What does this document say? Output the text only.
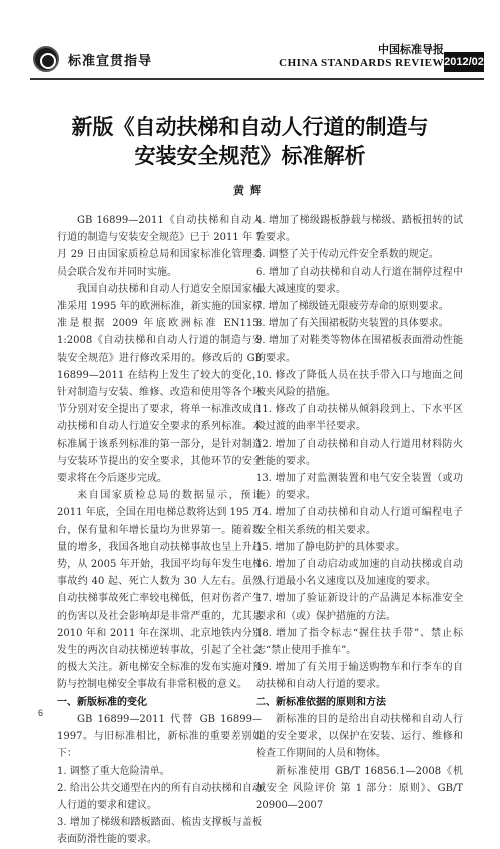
标准宣贯指导
中国标准导报
CHINA STANDARDS REVIEW 2012/02
新版《自动扶梯和自动人行道的制造与
安装安全规范》标准解析
黄辉

GB 16899—2011《自动扶梯和自动人行道的制造与安装安全规范》已于 2011 年 7 月 29 日由国家质检总局和国家标准化管理委员会联合发布并同时实施。

我国自动扶梯和自动人行道安全原国家标准采用 1995 年的欧洲标准，新实施的国家标准是根据 2009 年底欧洲标准 EN115-1:2008《自动扶梯和自动人行道的制造与安装安全规范》进行修改采用的。修改后的 GB 16899—2011 在结构上发生了较大的变化，针对制造与安装、维修、改造和使用等各个环节分别对安全提出了要求，将单一标准改成自动扶梯和自动人行道安全要求的系列标准。本标准属于该系列标准的第一部分，是针对制造与安装环节提出的安全要求，其他环节的安全要求将在今后逐步完成。

来自国家质检总局的数据显示，预计 2011 年底，全国在用电梯总数将达到 195 万台，保有量和年增长量均为世界第一。随着数量的增多，我国各地自动扶梯事故也呈上升趋势，从 2005 年开始，我国平均每年发生电梯事故约 40 起、死亡人数为 30 人左右。虽然自动扶梯事故死亡率较电梯低，但对伤者产生的伤害以及社会影响却是非常严重的，尤其是 2010 年和 2011 年在深圳、北京地铁内分别发生的两次自动扶梯逆转事故，引起了全社会的极大关注。新电梯安全标准的发布实施对预防与控制电梯安全事故有非常积极的意义。

一、新版标准的变化

GB 16899—2011 代替 GB 16899—1997。与旧标准相比，新标准的重要差别如下：

1. 调整了重大危险清单。

2. 给出公共交通型在内的所有自动扶梯和自动人行道的要求和建议。

3. 增加了梯级和踏板踏面、梳齿支撑板与盖板表面防滑性能的要求。

4. 增加了梯级踢板静载与梯级、踏板扭转的试验要求。

5. 调整了关于传动元件安全系数的规定。

6. 增加了自动扶梯和自动人行道在制停过程中最大减速度的要求。

7. 增加了梯级链无限疲劳寿命的原则要求。

8. 增加了有关围裙板防夹装置的具体要求。

9. 增加了对鞋类等物体在围裙板表面滑动性能的要求。

10. 修改了降低人员在扶手带入口与地面之间被夹风险的措施。

11. 修改了自动扶梯从倾斜段到上、下水平区段过渡的曲率半径要求。

12. 增加了自动扶梯和自动人行道用材料防火性能的要求。

13. 增加了对监测装置和电气安全装置（或功能）的要求。

14. 增加了自动扶梯和自动人行道可编程电子安全相关系统的相关要求。

15. 增加了静电防护的具体要求。

16. 增加了自动启动或加速的自动扶梯或自动人行道最小名义速度以及加速度的要求。

17. 增加了验证新设计的产品满足本标准安全要求和（或）保护措施的方法。

18. 增加了指令标志“握住扶手带”、禁止标志“禁止使用手推车”。

19. 增加了有关用于输送购物车和行李车的自动扶梯和自动人行道的要求。

二、新标准依据的原则和方法

新标准的目的是给出自动扶梯和自动人行道的安全要求，以保护在安装、运行、维修和检查工作期间的人员和物体。

新标准使用 GB/T 16856.1—2008《机械安全 风险评价 第 1 部分：原则》、GB/T 20900—2007

6
